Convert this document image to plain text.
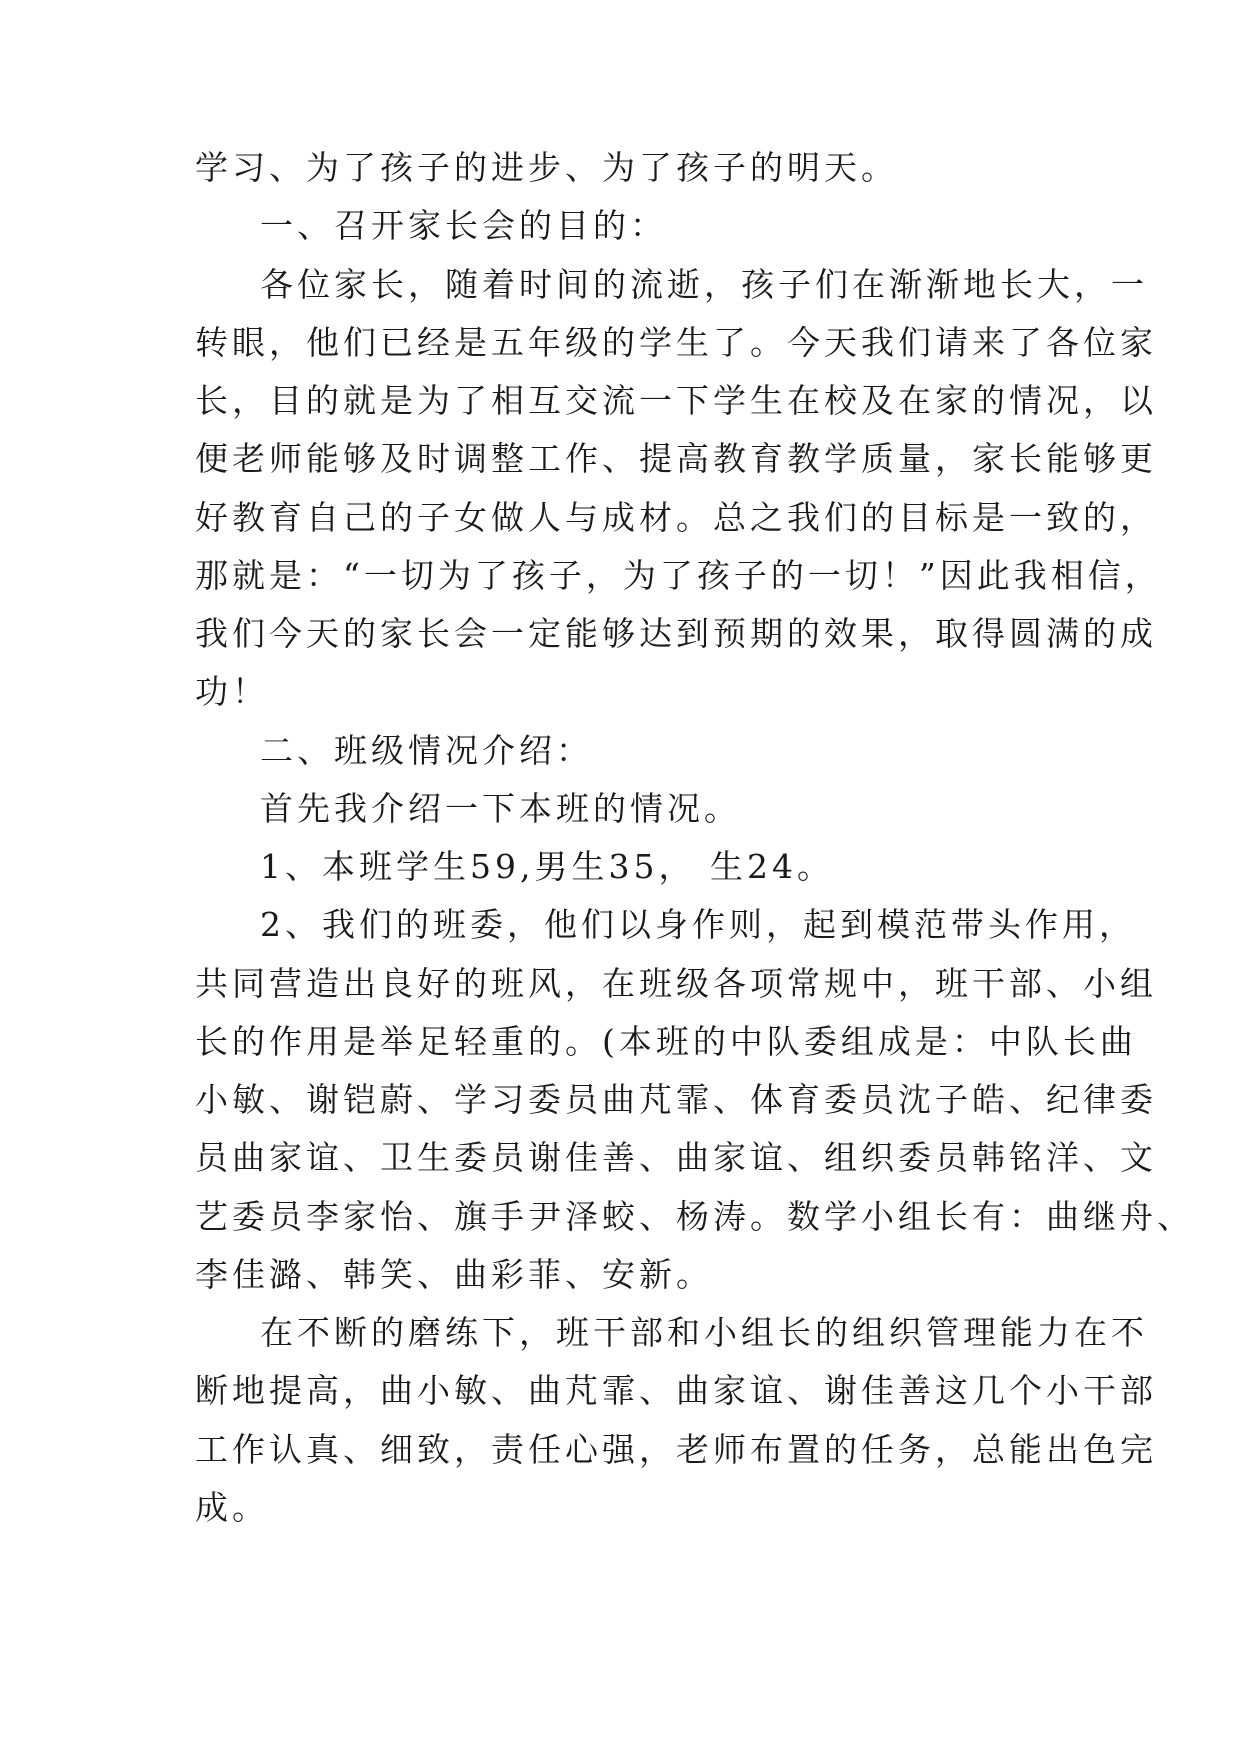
学习、为了孩子的进步、为了孩子的明天。
一、召开家长会的目的：
各位家长，随着时间的流逝，孩子们在渐渐地长大，一
转眼，他们已经是五年级的学生了。今天我们请来了各位家
长，目的就是为了相互交流一下学生在校及在家的情况，以
便老师能够及时调整工作、提高教育教学质量，家长能够更
好教育自己的子女做人与成材。总之我们的目标是一致的，
那就是：“一切为了孩子，为了孩子的一切！”因此我相信，
我们今天的家长会一定能够达到预期的效果，取得圆满的成
功！
二、班级情况介绍：
首先我介绍一下本班的情况。
1、本班学生59,男生35， 生24。
2、我们的班委，他们以身作则，起到模范带头作用，
共同营造出良好的班风，在班级各项常规中，班干部、小组
长的作用是举足轻重的。(本班的中队委组成是：中队长曲
小敏、谢铠蔚、学习委员曲芃霏、体育委员沈子皓、纪律委
员曲家谊、卫生委员谢佳善、曲家谊、组织委员韩铭洋、文
艺委员李家怡、旗手尹泽蛟、杨涛。数学小组长有：曲继舟、
李佳潞、韩笑、曲彩菲、安新。
在不断的磨练下，班干部和小组长的组织管理能力在不
断地提高，曲小敏、曲芃霏、曲家谊、谢佳善这几个小干部
工作认真、细致，责任心强，老师布置的任务，总能出色完
成。
